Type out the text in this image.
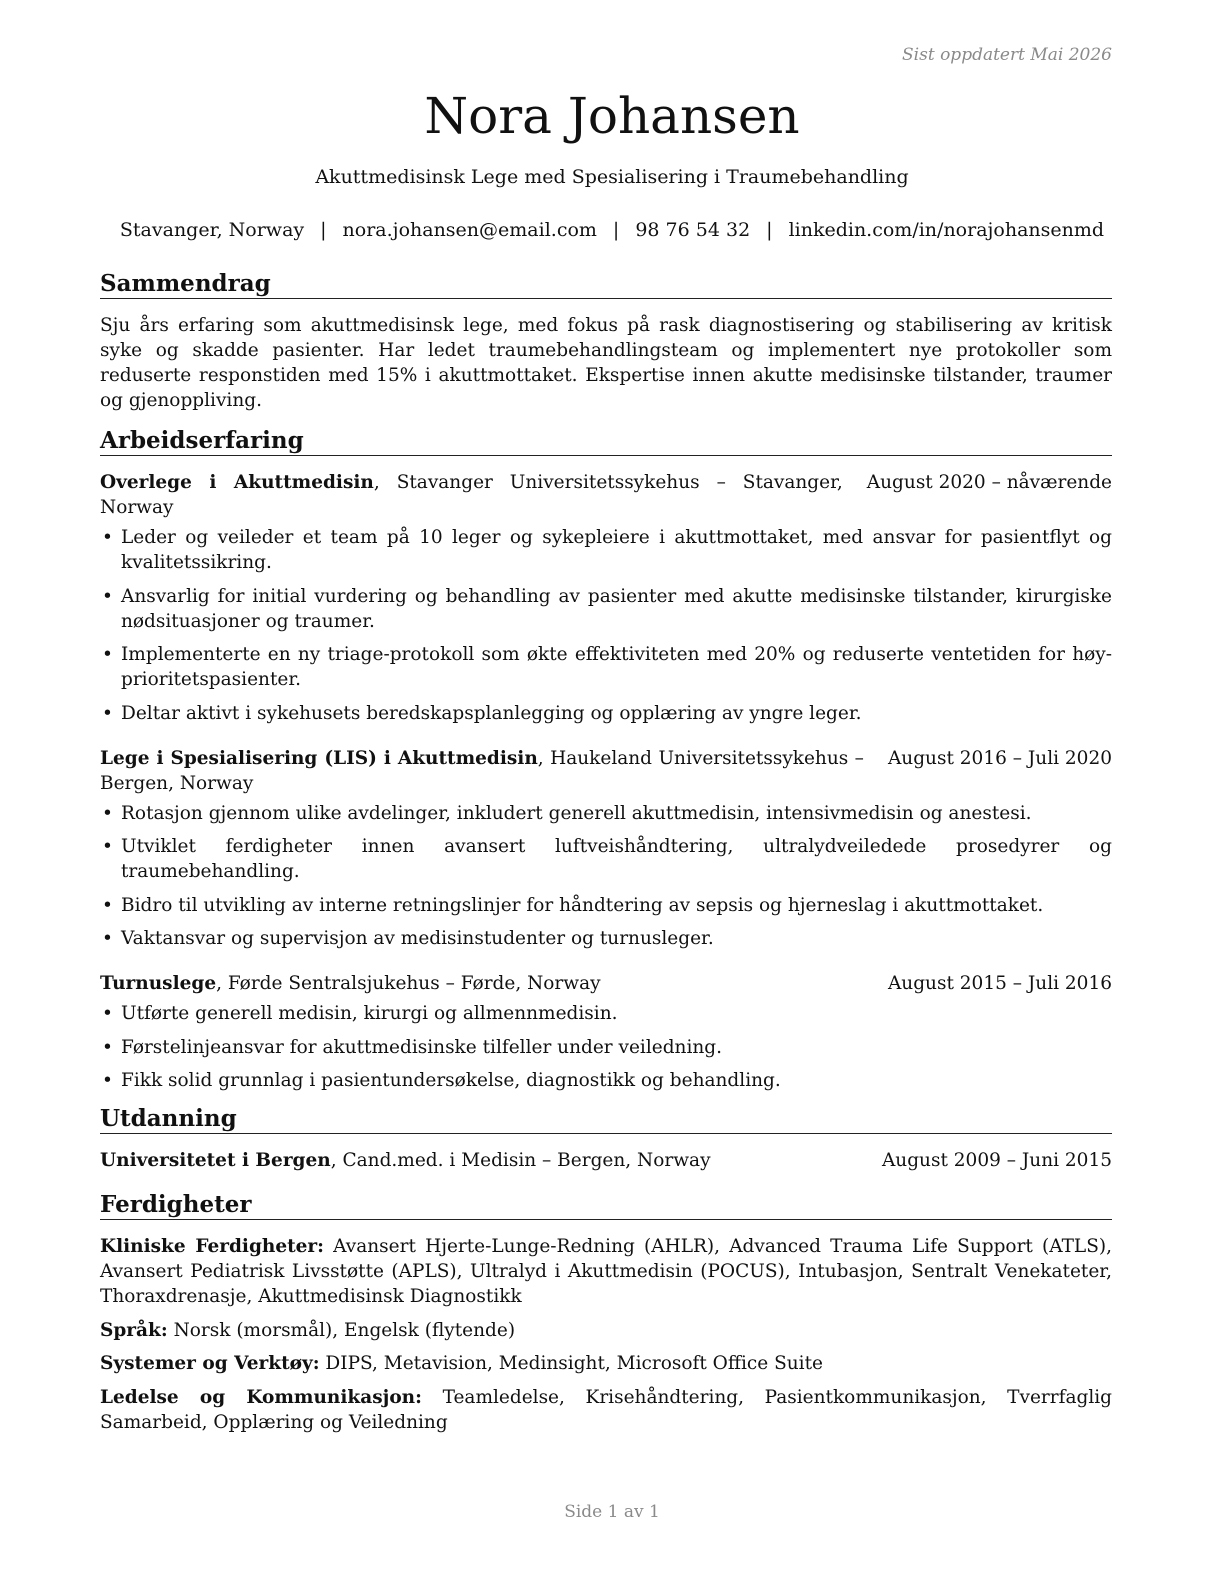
Sist oppdatert Mai 2026
Nora Johansen
Akuttmedisinsk Lege med Spesialisering i Traumebehandling
Stavanger, Norway | nora.johansen@email.com | 98 76 54 32 | linkedin.com/in/norajohansenmd
Sammendrag
Sju års erfaring som akuttmedisinsk lege, med fokus på rask diagnostisering og stabilisering av kritisk syke og skadde pasienter. Har ledet traumebehandlingsteam og implementert nye protokoller som reduserte responstiden med 15% i akuttmottaket. Ekspertise innen akutte medisinske tilstander, traumer og gjenoppliving.
Arbeidserfaring
Overlege i Akuttmedisin, Stavanger Universitetssykehus – Stavanger, Norway
August 2020 – nåværende
• Leder og veileder et team på 10 leger og sykepleiere i akuttmottaket, med ansvar for pasientflyt og kvalitetssikring.
• Ansvarlig for initial vurdering og behandling av pasienter med akutte medisinske tilstander, kirurgiske nødsituasjoner og traumer.
• Implementerte en ny triage-protokoll som økte effektiviteten med 20% og reduserte ventetiden for høy-prioritetspasienter.
• Deltar aktivt i sykehusets beredskapsplanlegging og opplæring av yngre leger.
Lege i Spesialisering (LIS) i Akuttmedisin, Haukeland Universitetssykehus – Bergen, Norway
August 2016 – Juli 2020
• Rotasjon gjennom ulike avdelinger, inkludert generell akuttmedisin, intensivmedisin og anestesi.
• Utviklet ferdigheter innen avansert luftveishåndtering, ultralydveiledede prosedyrer og traumebehandling.
• Bidro til utvikling av interne retningslinjer for håndtering av sepsis og hjerneslag i akuttmottaket.
• Vaktansvar og supervisjon av medisinstudenter og turnusleger.
Turnuslege, Førde Sentralsjukehus – Førde, Norway	August 2015 – Juli 2016
• Utførte generell medisin, kirurgi og allmennmedisin.
• Førstelinjeansvar for akuttmedisinske tilfeller under veiledning.
• Fikk solid grunnlag i pasientundersøkelse, diagnostikk og behandling.
Utdanning
Universitetet i Bergen, Cand.med. i Medisin – Bergen, Norway	August 2009 – Juni 2015
Ferdigheter
Kliniske Ferdigheter: Avansert Hjerte-Lunge-Redning (AHLR), Advanced Trauma Life Support (ATLS), Avansert Pediatrisk Livsstøtte (APLS), Ultralyd i Akuttmedisin (POCUS), Intubasjon, Sentralt Venekateter, Thoraxdrenasje, Akuttmedisinsk Diagnostikk
Språk: Norsk (morsmål), Engelsk (flytende)
Systemer og Verktøy: DIPS, Metavision, Medinsight, Microsoft Office Suite
Ledelse og Kommunikasjon: Teamledelse, Krisehåndtering, Pasientkommunikasjon, Tverrfaglig Samarbeid, Opplæring og Veiledning
Side 1 av 1
